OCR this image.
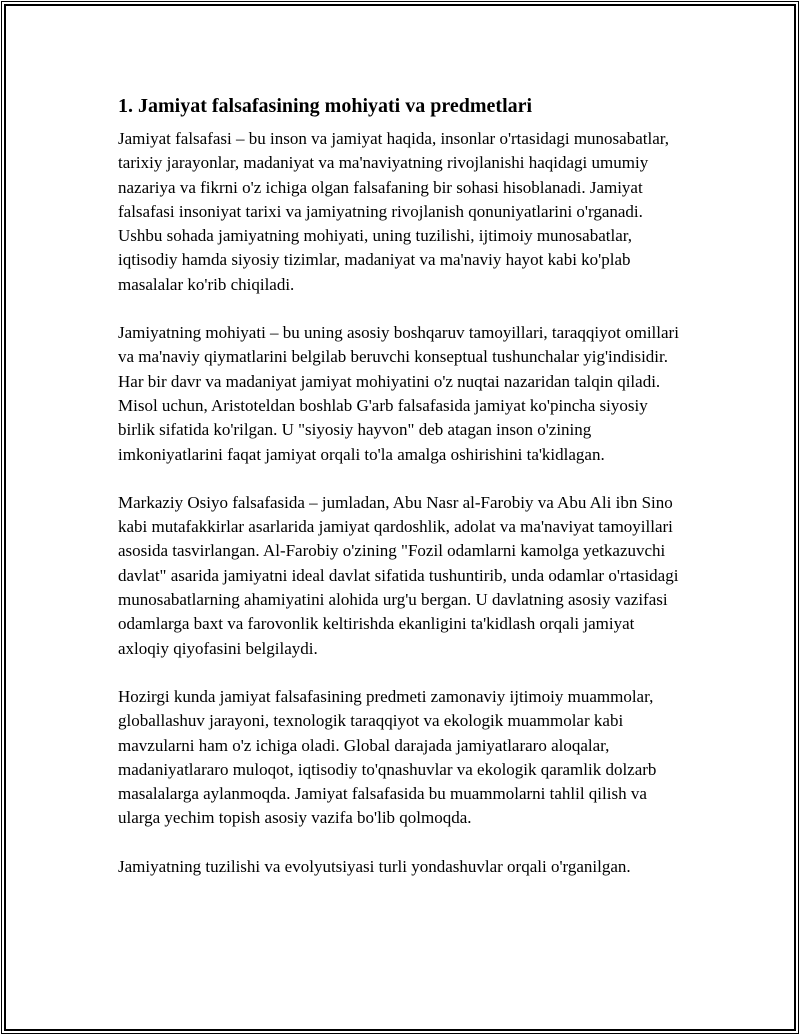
1. Jamiyat falsafasining mohiyati va predmetlari

Jamiyat falsafasi – bu inson va jamiyat haqida, insonlar o'rtasidagi munosabatlar, tarixiy jarayonlar, madaniyat va ma'naviyatning rivojlanishi haqidagi umumiy nazariya va fikrni o'z ichiga olgan falsafaning bir sohasi hisoblanadi. Jamiyat falsafasi insoniyat tarixi va jamiyatning rivojlanish qonuniyatlarini o'rganadi. Ushbu sohada jamiyatning mohiyati, uning tuzilishi, ijtimoiy munosabatlar, iqtisodiy hamda siyosiy tizimlar, madaniyat va ma'naviy hayot kabi ko'plab masalalar ko'rib chiqiladi.

Jamiyatning mohiyati – bu uning asosiy boshqaruv tamoyillari, taraqqiyot omillari va ma'naviy qiymatlarini belgilab beruvchi konseptual tushunchalar yig'indisidir. Har bir davr va madaniyat jamiyat mohiyatini o'z nuqtai nazaridan talqin qiladi. Misol uchun, Aristoteldan boshlab G'arb falsafasida jamiyat ko'pincha siyosiy birlik sifatida ko'rilgan. U "siyosiy hayvon" deb atagan inson o'zining imkoniyatlarini faqat jamiyat orqali to'la amalga oshirishini ta'kidlagan.

Markaziy Osiyo falsafasida – jumladan, Abu Nasr al-Farobiy va Abu Ali ibn Sino kabi mutafakkirlar asarlarida jamiyat qardoshlik, adolat va ma'naviyat tamoyillari asosida tasvirlangan. Al-Farobiy o'zining "Fozil odamlarni kamolga yetkazuvchi davlat" asarida jamiyatni ideal davlat sifatida tushuntirib, unda odamlar o'rtasidagi munosabatlarning ahamiyatini alohida urg'u bergan. U davlatning asosiy vazifasi odamlarga baxt va farovonlik keltirishda ekanligini ta'kidlash orqali jamiyat axloqiy qiyofasini belgilaydi.

Hozirgi kunda jamiyat falsafasining predmeti zamonaviy ijtimoiy muammolar, globallashuv jarayoni, texnologik taraqqiyot va ekologik muammolar kabi mavzularni ham o'z ichiga oladi. Global darajada jamiyatlararo aloqalar, madaniyatlararo muloqot, iqtisodiy to'qnashuvlar va ekologik qaramlik dolzarb masalalarga aylanmoqda. Jamiyat falsafasida bu muammolarni tahlil qilish va ularga yechim topish asosiy vazifa bo'lib qolmoqda.

Jamiyatning tuzilishi va evolyutsiyasi turli yondashuvlar orqali o'rganilgan.
